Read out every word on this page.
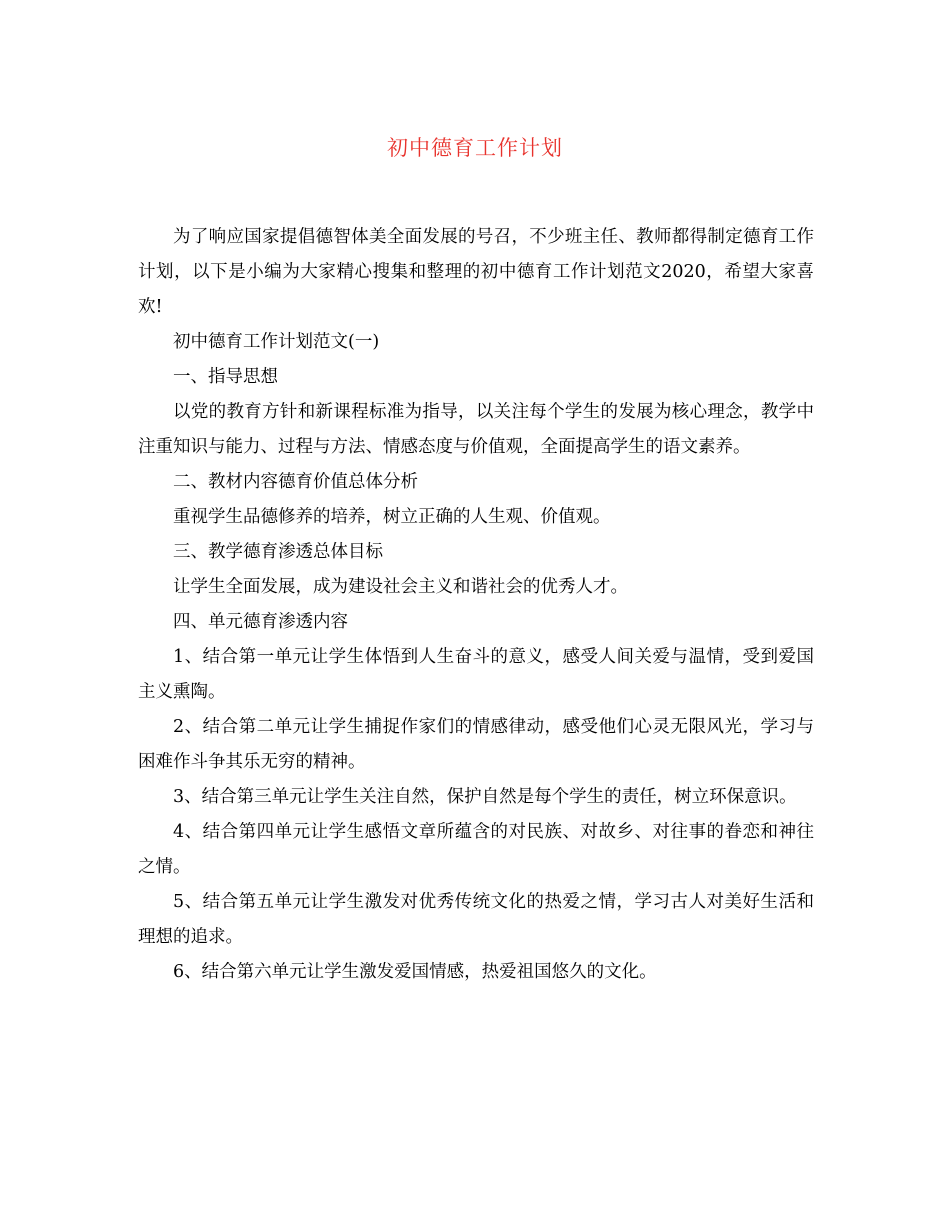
初中德育工作计划

为了响应国家提倡德智体美全面发展的号召，不少班主任、教师都得制定德育工作计划，以下是小编为大家精心搜集和整理的初中德育工作计划范文2020，希望大家喜欢!

初中德育工作计划范文(一)

一、指导思想

以党的教育方针和新课程标准为指导，以关注每个学生的发展为核心理念，教学中注重知识与能力、过程与方法、情感态度与价值观，全面提高学生的语文素养。

二、教材内容德育价值总体分析

重视学生品德修养的培养，树立正确的人生观、价值观。

三、教学德育渗透总体目标

让学生全面发展，成为建设社会主义和谐社会的优秀人才。

四、单元德育渗透内容

1、结合第一单元让学生体悟到人生奋斗的意义，感受人间关爱与温情，受到爱国主义熏陶。

2、结合第二单元让学生捕捉作家们的情感律动，感受他们心灵无限风光，学习与困难作斗争其乐无穷的精神。

3、结合第三单元让学生关注自然，保护自然是每个学生的责任，树立环保意识。

4、结合第四单元让学生感悟文章所蕴含的对民族、对故乡、对往事的眷恋和神往之情。

5、结合第五单元让学生激发对优秀传统文化的热爱之情，学习古人对美好生活和理想的追求。

6、结合第六单元让学生激发爱国情感，热爱祖国悠久的文化。
